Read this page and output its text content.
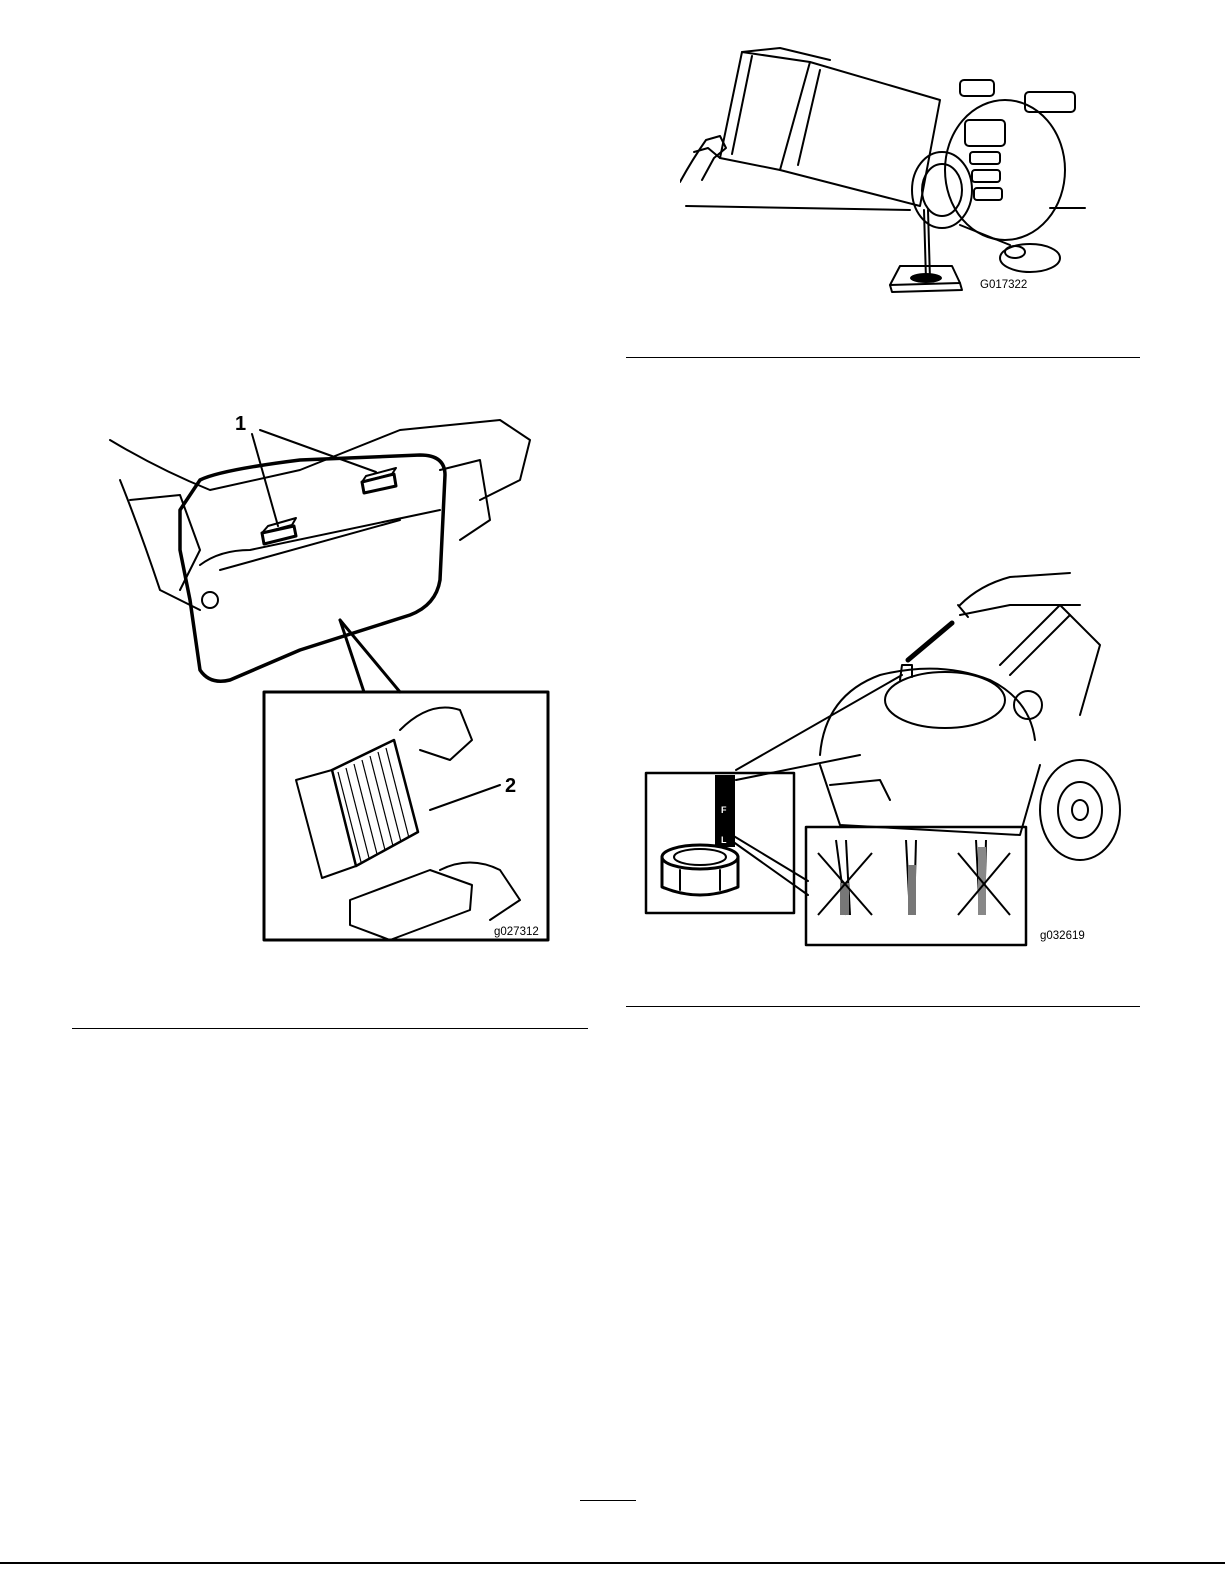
G017322
1
2
g027312
F
L
g032619
